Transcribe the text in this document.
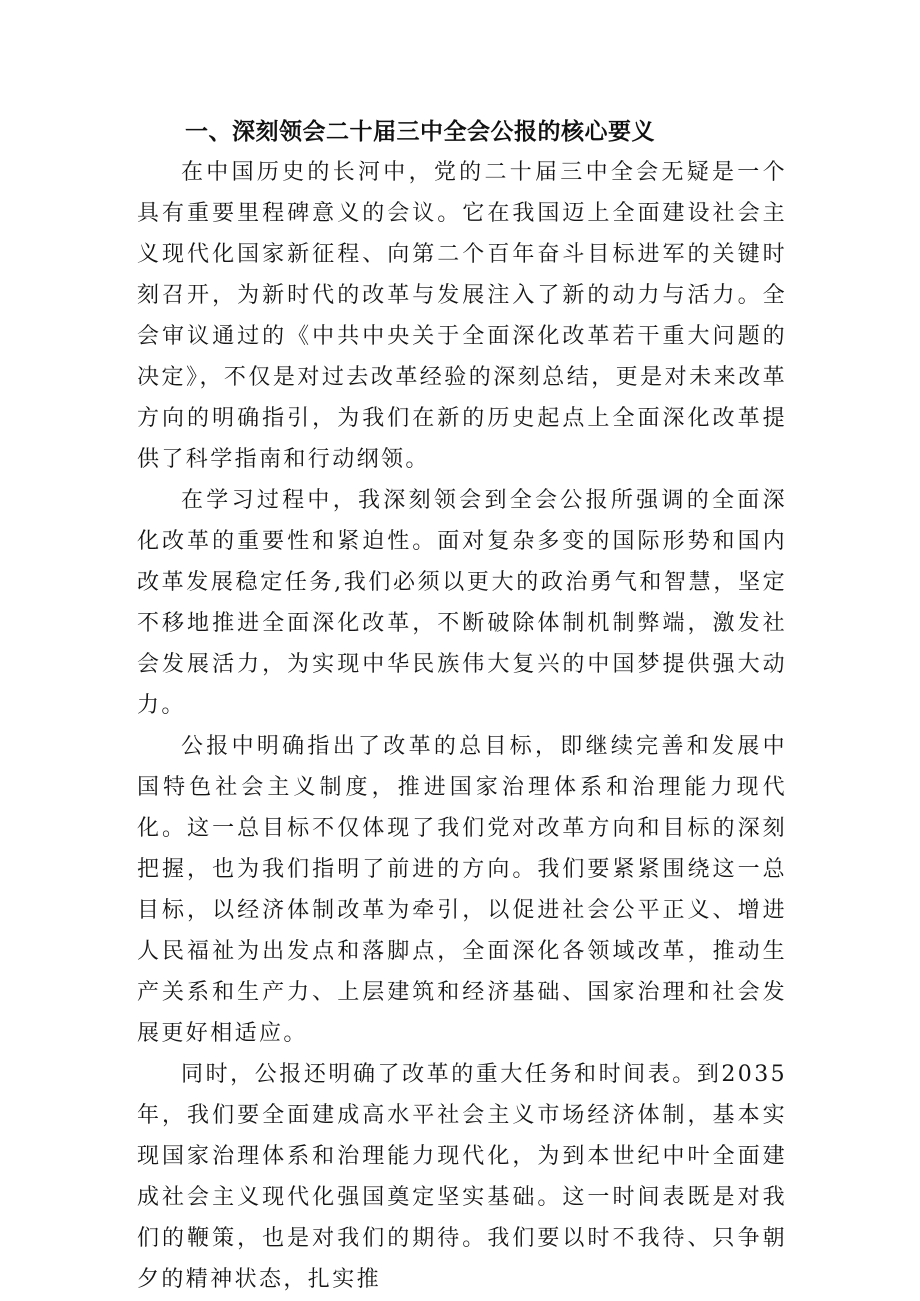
一、深刻领会二十届三中全会公报的核心要义

在中国历史的长河中，党的二十届三中全会无疑是一个具有重要里程碑意义的会议。它在我国迈上全面建设社会主义现代化国家新征程、向第二个百年奋斗目标进军的关键时刻召开，为新时代的改革与发展注入了新的动力与活力。全会审议通过的《中共中央关于全面深化改革若干重大问题的决定》，不仅是对过去改革经验的深刻总结，更是对未来改革方向的明确指引，为我们在新的历史起点上全面深化改革提供了科学指南和行动纲领。

在学习过程中，我深刻领会到全会公报所强调的全面深化改革的重要性和紧迫性。面对复杂多变的国际形势和国内改革发展稳定任务,我们必须以更大的政治勇气和智慧，坚定不移地推进全面深化改革，不断破除体制机制弊端，激发社会发展活力，为实现中华民族伟大复兴的中国梦提供强大动力。

公报中明确指出了改革的总目标，即继续完善和发展中国特色社会主义制度，推进国家治理体系和治理能力现代化。这一总目标不仅体现了我们党对改革方向和目标的深刻把握，也为我们指明了前进的方向。我们要紧紧围绕这一总目标，以经济体制改革为牵引，以促进社会公平正义、增进人民福祉为出发点和落脚点，全面深化各领域改革，推动生产关系和生产力、上层建筑和经济基础、国家治理和社会发展更好相适应。

同时，公报还明确了改革的重大任务和时间表。到2035年，我们要全面建成高水平社会主义市场经济体制，基本实现国家治理体系和治理能力现代化，为到本世纪中叶全面建成社会主义现代化强国奠定坚实基础。这一时间表既是对我们的鞭策，也是对我们的期待。我们要以时不我待、只争朝夕的精神状态，扎实推
